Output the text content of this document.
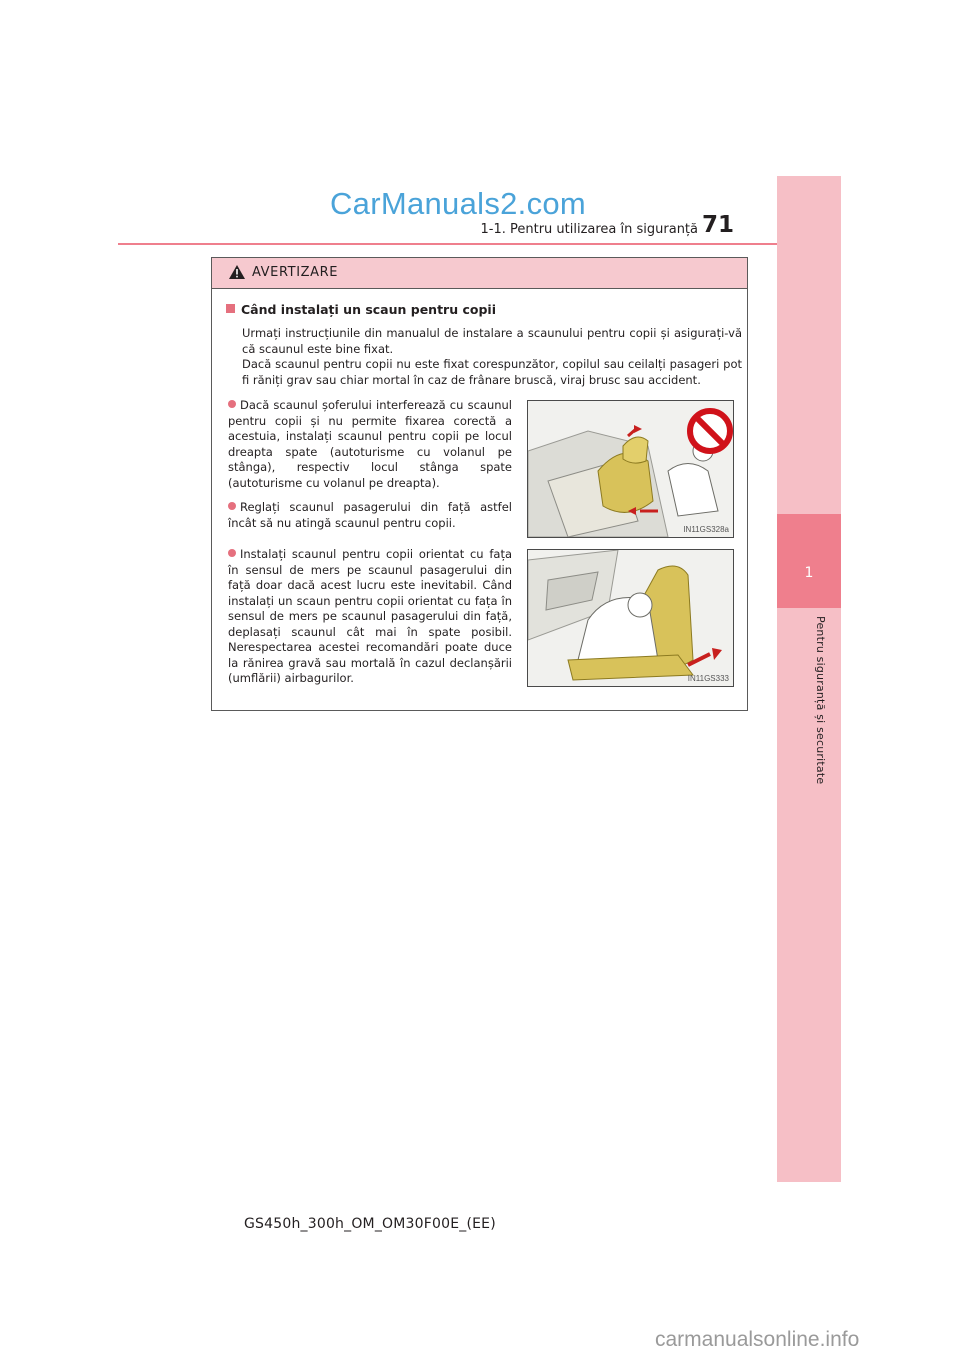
1
Pentru siguranță și securitate
CarManuals2.com
1-1. Pentru utilizarea în siguranță 71
AVERTIZARE
Când instalați un scaun pentru copii
Urmați instrucțiunile din manualul de instalare a scaunului pentru copii și asigurați-vă că scaunul este bine fixat.
Dacă scaunul pentru copii nu este fixat corespunzător, copilul sau ceilalți pasageri pot fi răniți grav sau chiar mortal în caz de frânare bruscă, viraj brusc sau accident.
Dacă scaunul șoferului interferează cu scaunul pentru copii și nu permite fixarea corectă a acestuia, instalați scaunul pentru copii pe locul dreapta spate (autoturisme cu volanul pe stânga), respectiv locul stânga spate (autoturisme cu volanul pe dreapta).
Reglați scaunul pasagerului din față astfel încât să nu atingă scaunul pentru copii.
Instalați scaunul pentru copii orientat cu fața în sensul de mers pe scaunul pasagerului din față doar dacă acest lucru este inevitabil. Când instalați un scaun pentru copii orientat cu fața în sensul de mers pe scaunul pasagerului din față, deplasați scaunul cât mai în spate posibil. Nerespectarea acestei recomandări poate duce la rănirea gravă sau mortală în cazul declanșării (umflării) airbagurilor.
IN11GS328a
IN11GS333
GS450h_300h_OM_OM30F00E_(EE)
carmanualsonline.info
